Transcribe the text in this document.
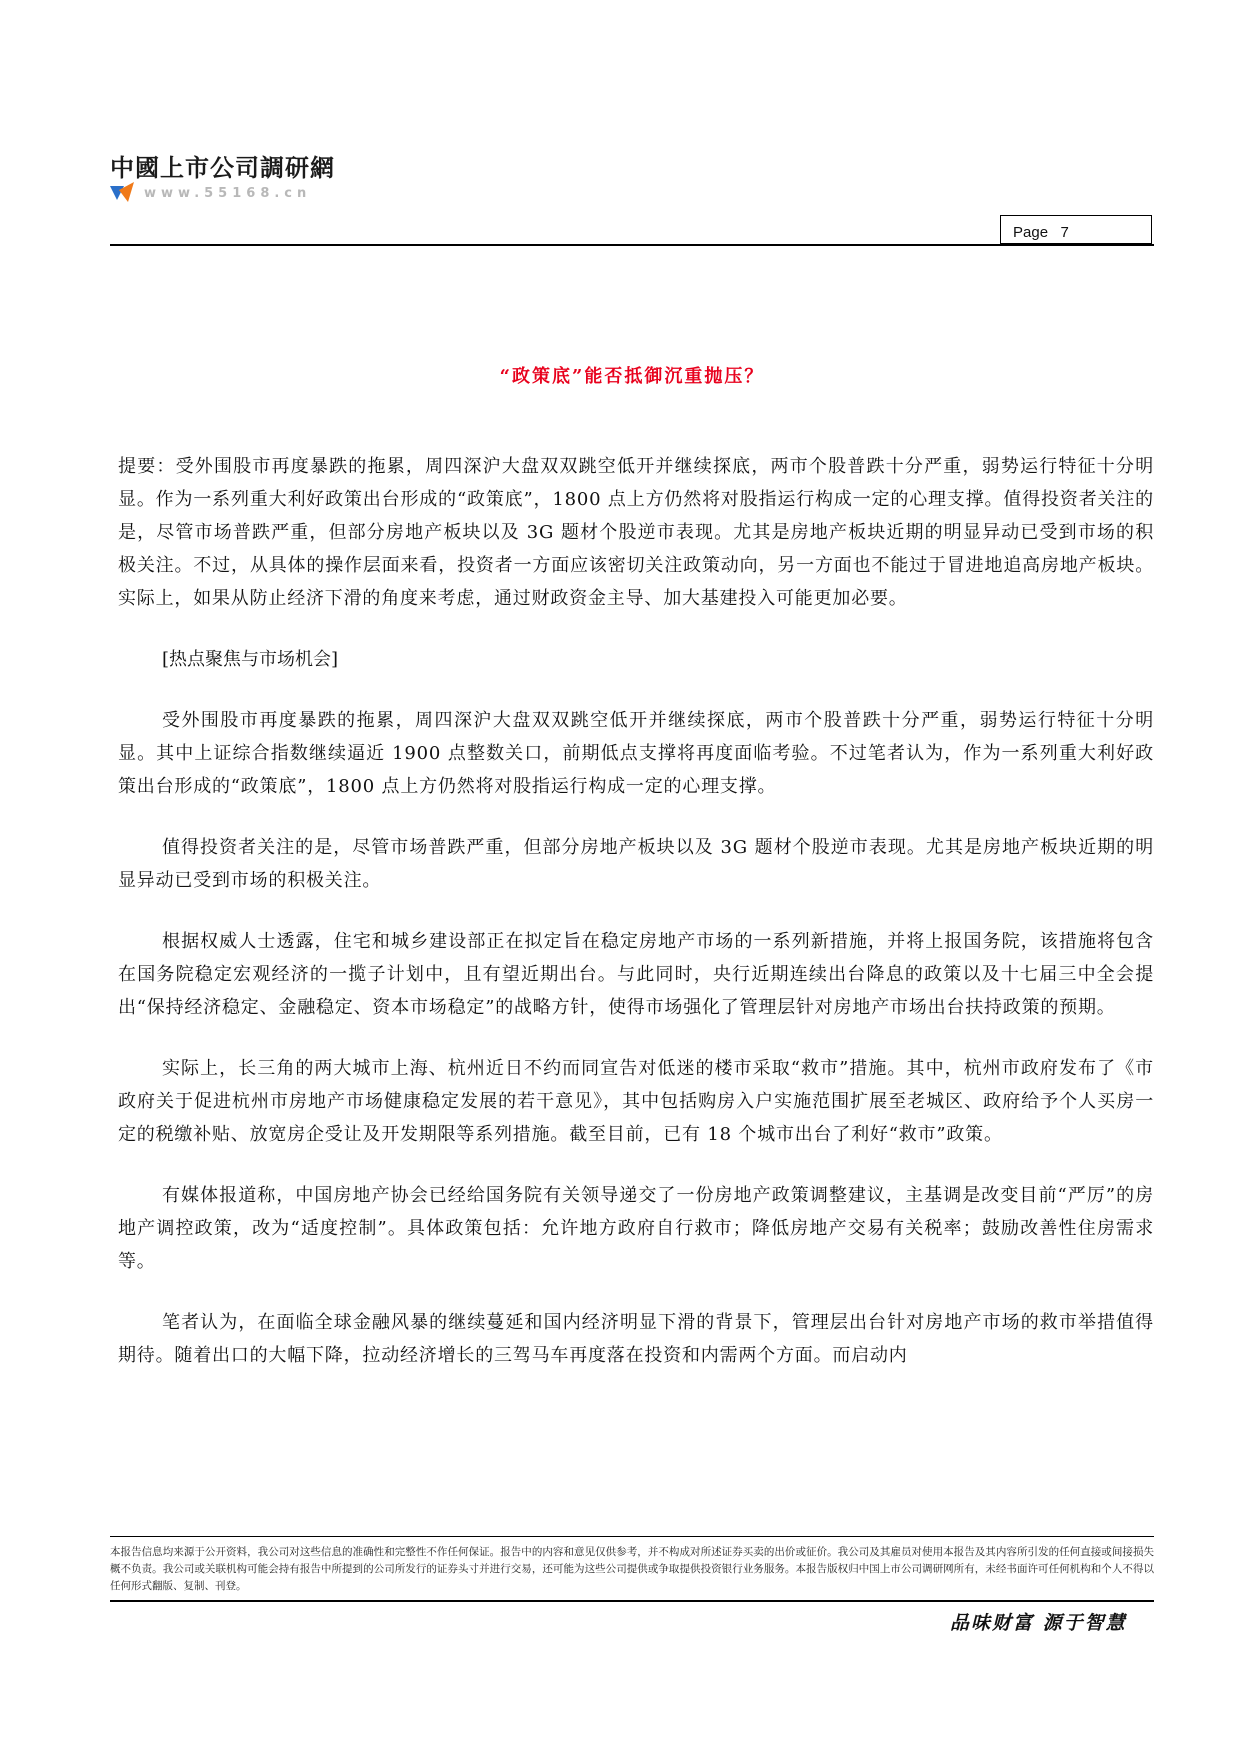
中國上市公司調研網
www.55168.cn
Page   7
“政策底”能否抵御沉重抛压？

提要：受外围股市再度暴跌的拖累，周四深沪大盘双双跳空低开并继续探底，两市个股普跌十分严重，弱势运行特征十分明显。作为一系列重大利好政策出台形成的“政策底”，1800 点上方仍然将对股指运行构成一定的心理支撑。值得投资者关注的是，尽管市场普跌严重，但部分房地产板块以及 3G 题材个股逆市表现。尤其是房地产板块近期的明显异动已受到市场的积极关注。不过，从具体的操作层面来看，投资者一方面应该密切关注政策动向，另一方面也不能过于冒进地追高房地产板块。实际上，如果从防止经济下滑的角度来考虑，通过财政资金主导、加大基建投入可能更加必要。

[热点聚焦与市场机会]

受外围股市再度暴跌的拖累，周四深沪大盘双双跳空低开并继续探底，两市个股普跌十分严重，弱势运行特征十分明显。其中上证综合指数继续逼近 1900 点整数关口，前期低点支撑将再度面临考验。不过笔者认为，作为一系列重大利好政策出台形成的“政策底”，1800 点上方仍然将对股指运行构成一定的心理支撑。

值得投资者关注的是，尽管市场普跌严重，但部分房地产板块以及 3G 题材个股逆市表现。尤其是房地产板块近期的明显异动已受到市场的积极关注。

根据权威人士透露，住宅和城乡建设部正在拟定旨在稳定房地产市场的一系列新措施，并将上报国务院，该措施将包含在国务院稳定宏观经济的一揽子计划中，且有望近期出台。与此同时，央行近期连续出台降息的政策以及十七届三中全会提出“保持经济稳定、金融稳定、资本市场稳定”的战略方针，使得市场强化了管理层针对房地产市场出台扶持政策的预期。

实际上，长三角的两大城市上海、杭州近日不约而同宣告对低迷的楼市采取“救市”措施。其中，杭州市政府发布了《市政府关于促进杭州市房地产市场健康稳定发展的若干意见》，其中包括购房入户实施范围扩展至老城区、政府给予个人买房一定的税缴补贴、放宽房企受让及开发期限等系列措施。截至目前，已有 18 个城市出台了利好“救市”政策。

有媒体报道称，中国房地产协会已经给国务院有关领导递交了一份房地产政策调整建议，主基调是改变目前“严厉”的房地产调控政策，改为“适度控制”。具体政策包括：允许地方政府自行救市；降低房地产交易有关税率；鼓励改善性住房需求等。

笔者认为，在面临全球金融风暴的继续蔓延和国内经济明显下滑的背景下，管理层出台针对房地产市场的救市举措值得期待。随着出口的大幅下降，拉动经济增长的三驾马车再度落在投资和内需两个方面。而启动内

本报告信息均来源于公开资料，我公司对这些信息的准确性和完整性不作任何保证。报告中的内容和意见仅供参考，并不构成对所述证券买卖的出价或征价。我公司及其雇员对使用本报告及其内容所引发的任何直接或间接损失概不负责。我公司或关联机构可能会持有报告中所提到的公司所发行的证券头寸并进行交易，还可能为这些公司提供或争取提供投资银行业务服务。本报告版权归中国上市公司调研网所有，未经书面许可任何机构和个人不得以任何形式翻版、复制、刊登。
品味财富 源于智慧
